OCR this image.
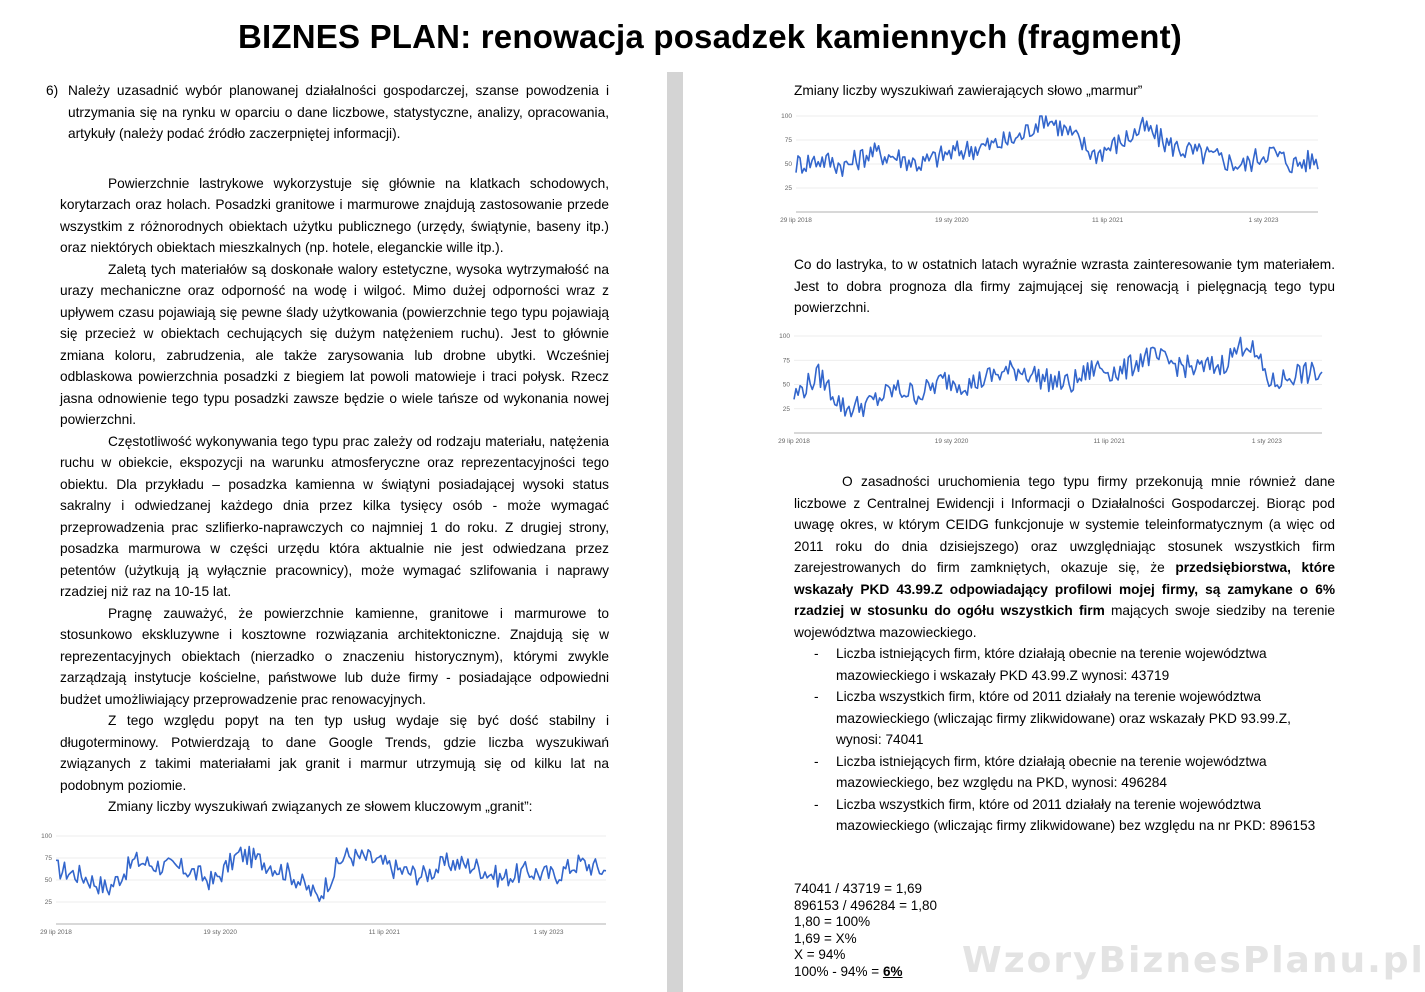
BIZNES PLAN: renowacja posadzek kamiennych (fragment)
6) Należy uzasadnić wybór planowanej działalności gospodarczej, szanse powodzenia i utrzymania się na rynku w oparciu o dane liczbowe, statystyczne, analizy, opracowania, artykuły (należy podać źródło zaczerpniętej informacji).

Powierzchnie lastrykowe wykorzystuje się głównie na klatkach schodowych, korytarzach oraz holach. Posadzki granitowe i marmurowe znajdują zastosowanie przede wszystkim z różnorodnych obiektach użytku publicznego (urzędy, świątynie, baseny itp.) oraz niektórych obiektach mieszkalnych (np. hotele, eleganckie wille itp.).

Zaletą tych materiałów są doskonałe walory estetyczne, wysoka wytrzymałość na urazy mechaniczne oraz odporność na wodę i wilgoć. Mimo dużej odporności wraz z upływem czasu pojawiają się pewne ślady użytkowania (powierzchnie tego typu pojawiają się przecież w obiektach cechujących się dużym natężeniem ruchu). Jest to głównie zmiana koloru, zabrudzenia, ale także zarysowania lub drobne ubytki. Wcześniej odblaskowa powierzchnia posadzki z biegiem lat powoli matowieje i traci połysk. Rzecz jasna odnowienie tego typu posadzki zawsze będzie o wiele tańsze od wykonania nowej powierzchni.

Częstotliwość wykonywania tego typu prac zależy od rodzaju materiału, natężenia ruchu w obiekcie, ekspozycji na warunku atmosferyczne oraz reprezentacyjności tego obiektu. Dla przykładu – posadzka kamienna w świątyni posiadającej wysoki status sakralny i odwiedzanej każdego dnia przez kilka tysięcy osób - może wymagać przeprowadzenia prac szlifierko-naprawczych co najmniej 1 do roku. Z drugiej strony, posadzka marmurowa w części urzędu która aktualnie nie jest odwiedzana przez petentów (użytkują ją wyłącznie pracownicy), może wymagać szlifowania i naprawy rzadziej niż raz na 10-15 lat.

Pragnę zauważyć, że powierzchnie kamienne, granitowe i marmurowe to stosunkowo ekskluzywne i kosztowne rozwiązania architektoniczne. Znajdują się w reprezentacyjnych obiektach (nierzadko o znaczeniu historycznym), którymi zwykle zarządzają instytucje kościelne, państwowe lub duże firmy - posiadające odpowiedni budżet umożliwiający przeprowadzenie prac renowacyjnych.

Z tego względu popyt na ten typ usług wydaje się być dość stabilny i długoterminowy. Potwierdzają to dane Google Trends, gdzie liczba wyszukiwań związanych z takimi materiałami jak granit i marmur utrzymują się od kilku lat na podobnym poziomie.

Zmiany liczby wyszukiwań związanych ze słowem kluczowym „granit”:

25
50
75
100
29 lip 2018	19 sty 2020	11 lip 2021	1 sty 2023
Zmiany liczby wyszukiwań zawierających słowo „marmur”
25
50
75
100
29 lip 2018	19 sty 2020	11 lip 2021	1 sty 2023

Co do lastryka, to w ostatnich latach wyraźnie wzrasta zainteresowanie tym materiałem. Jest to dobra prognoza dla firmy zajmującej się renowacją i pielęgnacją tego typu powierzchni.

25
50
75
100
29 lip 2018	19 sty 2020	11 lip 2021	1 sty 2023

O zasadności uruchomienia tego typu firmy przekonują mnie również dane liczbowe z Centralnej Ewidencji i Informacji o Działalności Gospodarczej. Biorąc pod uwagę okres, w którym CEIDG funkcjonuje w systemie teleinformatycznym (a więc od 2011 roku do dnia dzisiejszego) oraz uwzględniając stosunek wszystkich firm zarejestrowanych do firm zamkniętych, okazuje się, że przedsiębiorstwa, które wskazały PKD 43.99.Z odpowiadający profilowi mojej firmy, są zamykane o 6% rzadziej w stosunku do ogółu wszystkich firm mających swoje siedziby na terenie województwa mazowieckiego.

- Liczba istniejących firm, które działają obecnie na terenie województwa mazowieckiego i wskazały PKD 43.99.Z wynosi: 43719
- Liczba wszystkich firm, które od 2011 działały na terenie województwa mazowieckiego (wliczając firmy zlikwidowane) oraz wskazały PKD 93.99.Z, wynosi: 74041
- Liczba istniejących firm, które działają obecnie na terenie województwa mazowieckiego, bez względu na PKD, wynosi: 496284
- Liczba wszystkich firm, które od 2011 działały na terenie województwa mazowieckiego (wliczając firmy zlikwidowane) bez względu na nr PKD: 896153
74041 / 43719 = 1,69
896153 / 496284 = 1,80
1,80 = 100%
1,69 = X%
X = 94%
100% - 94% = 6%	WzoryBiznesPlanu.pl
